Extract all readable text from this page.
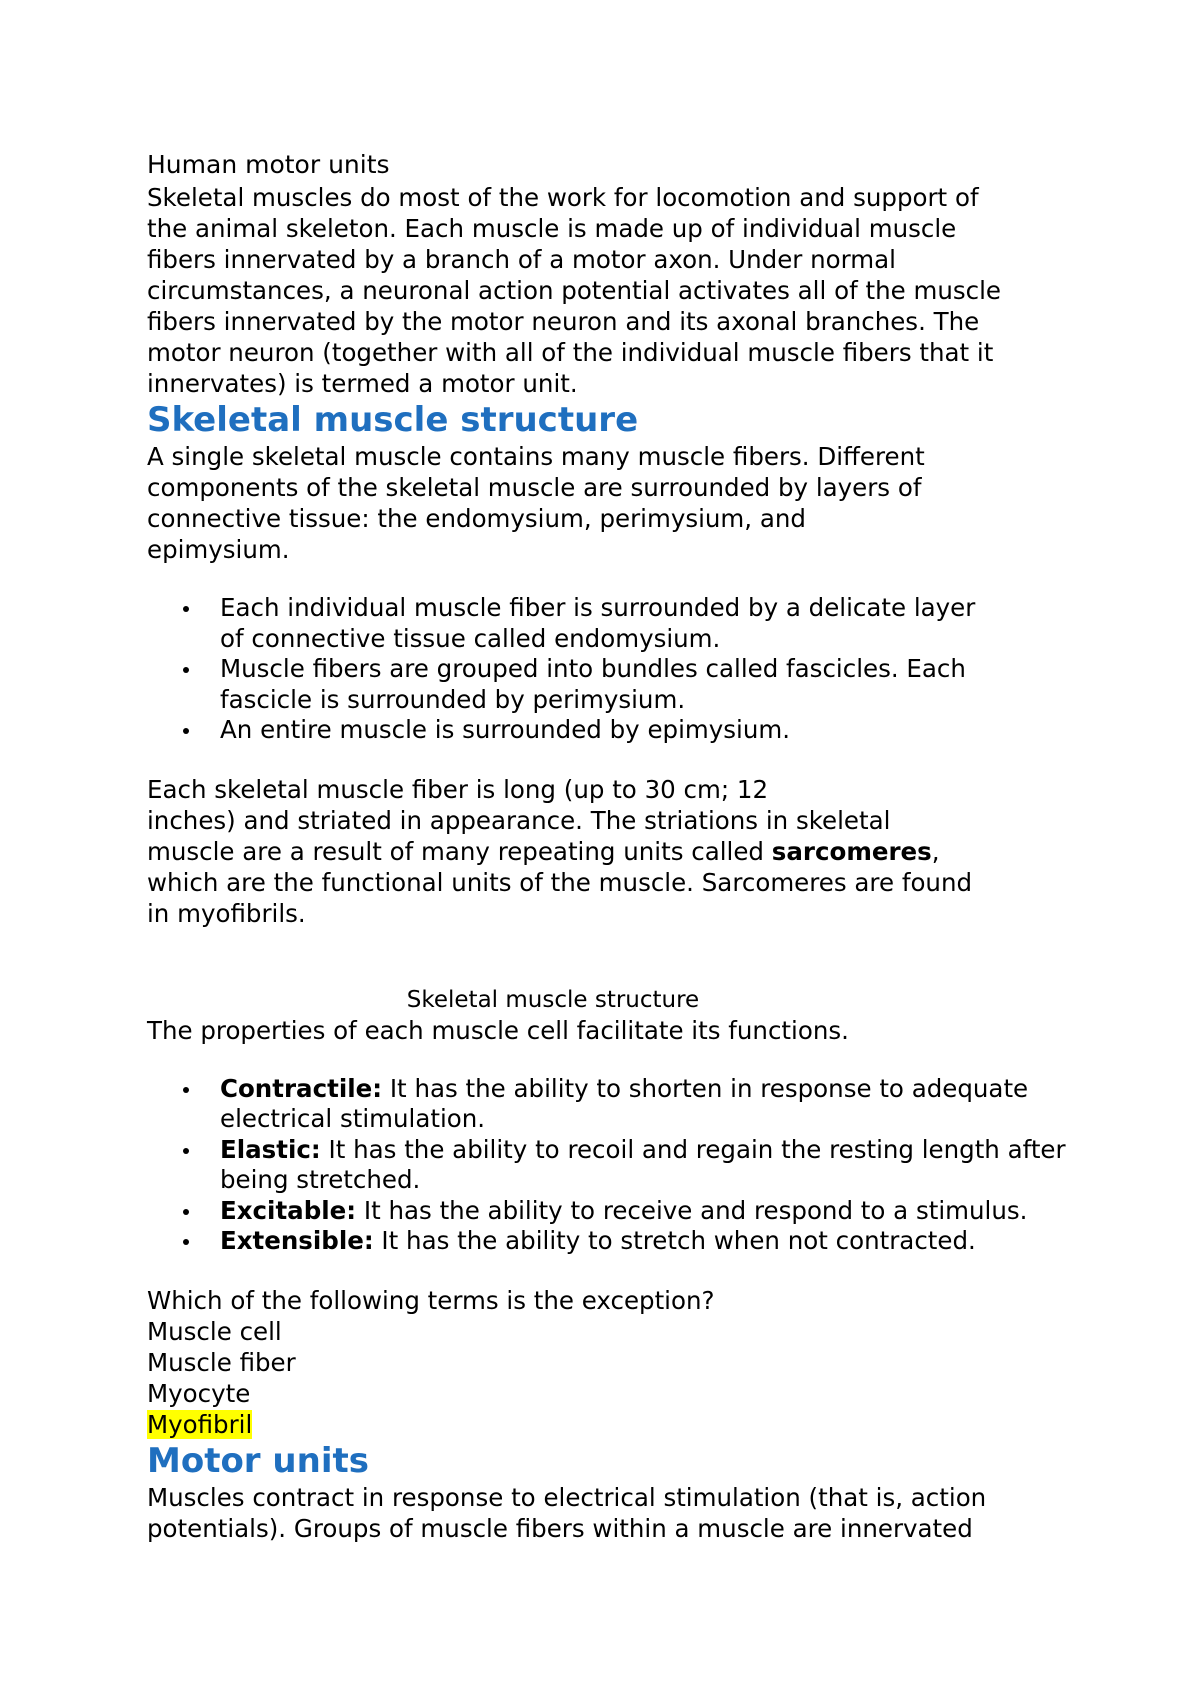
Human motor units

Skeletal muscles do most of the work for locomotion and support of the animal skeleton. Each muscle is made up of individual muscle fibers innervated by a branch of a motor axon. Under normal circumstances, a neuronal action potential activates all of the muscle fibers innervated by the motor neuron and its axonal branches. The motor neuron (together with all of the individual muscle fibers that it innervates) is termed a motor unit.

Skeletal muscle structure

A single skeletal muscle contains many muscle fibers. Different components of the skeletal muscle are surrounded by layers of connective tissue: the endomysium, perimysium, and epimysium.

Each individual muscle fiber is surrounded by a delicate layer of connective tissue called endomysium.
Muscle fibers are grouped into bundles called fascicles. Each fascicle is surrounded by perimysium.
An entire muscle is surrounded by epimysium.

Each skeletal muscle fiber is long (up to 30 cm; 12
inches) and striated in appearance. The striations in skeletal muscle are a result of many repeating units called sarcomeres, which are the functional units of the muscle. Sarcomeres are found in myofibrils.

Skeletal muscle structure

The properties of each muscle cell facilitate its functions.

Contractile: It has the ability to shorten in response to adequate electrical stimulation.
Elastic: It has the ability to recoil and regain the resting length after being stretched.
Excitable: It has the ability to receive and respond to a stimulus.
Extensible: It has the ability to stretch when not contracted.

Which of the following terms is the exception?

Muscle cell

Muscle fiber

Myocyte

Myofibril

Motor units

Muscles contract in response to electrical stimulation (that is, action potentials). Groups of muscle fibers within a muscle are innervated
